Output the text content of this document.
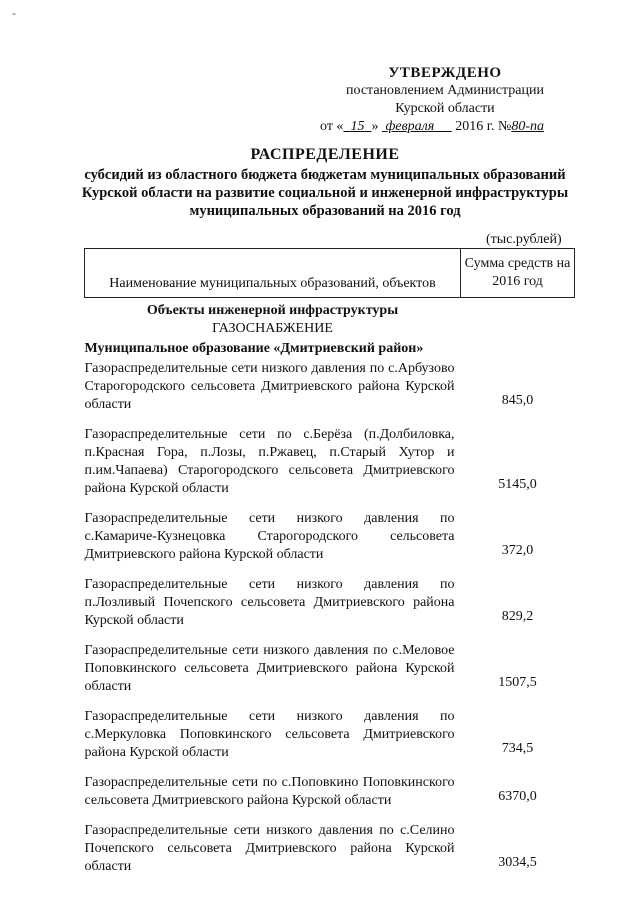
-
УТВЕРЖДЕНО
постановлением Администрации
Курской области
от « 15 » февраля 2016 г. №80-па
РАСПРЕДЕЛЕНИЕ
субсидий из областного бюджета бюджетам муниципальных образований Курской области на развитие социальной и инженерной инфраструктуры муниципальных образований на 2016 год
(тыс.рублей)
Наименование муниципальных образований, объектов	Сумма средств на 2016 год
Объекты инженерной инфраструктуры	
ГАЗОСНАБЖЕНИЕ	
Муниципальное образование «Дмитриевский район»	
Газораспределительные сети низкого давления по с.Арбузово Старогородского сельсовета Дмитриевского района Курской области	845,0
Газораспределительные сети по с.Берёза (п.Долбиловка, п.Красная Гора, п.Лозы, п.Ржавец, п.Старый Хутор и п.им.Чапаева) Старогородского сельсовета Дмитриевского района Курской области	5145,0
Газораспределительные сети низкого давления по с.Камаричe-Кузнецовка Старогородского сельсовета Дмитриевского района Курской области	372,0
Газораспределительные сети низкого давления по п.Лозливый Почепского сельсовета Дмитриевского района Курской области	829,2
Газораспределительные сети низкого давления по с.Меловое Поповкинского сельсовета Дмитриевского района Курской области	1507,5
Газораспределительные сети низкого давления по с.Меркуловка Поповкинского сельсовета Дмитриевского района Курской области	734,5
Газораспределительные сети по с.Поповкино Поповкинского сельсовета Дмитриевского района Курской области	6370,0
Газораспределительные сети низкого давления по с.Селино Почепского сельсовета Дмитриевского района Курской области	3034,5
